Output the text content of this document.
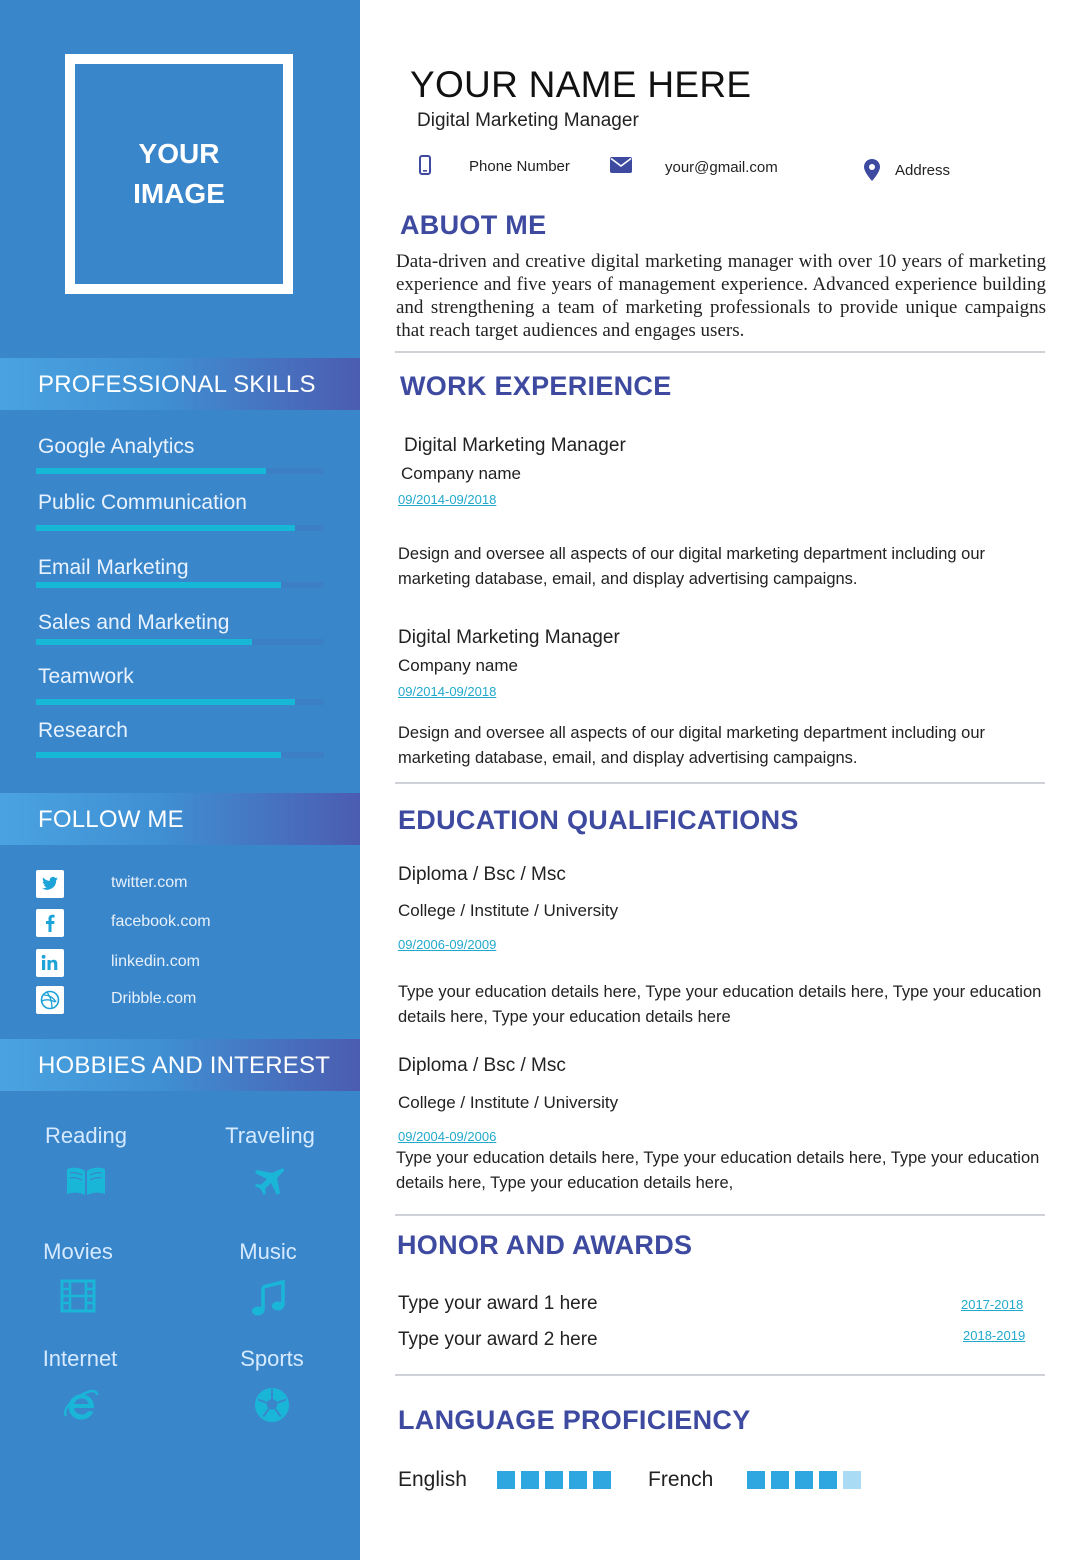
YOUR
IMAGE
PROFESSIONAL SKILLS
Google Analytics
Public Communication
Email Marketing
Sales and Marketing
Teamwork
Research
FOLLOW ME
twitter.com
facebook.com
linkedin.com
Dribble.com
HOBBIES AND INTEREST
Reading	Traveling
Movies	Music
Internet	Sports
YOUR NAME HERE
Digital Marketing Manager
Phone Number	your@gmail.com	Address
ABUOT ME
Data-driven and creative digital marketing manager with over 10 years of marketing experience and five years of management experience. Advanced experience building and strengthening a team of marketing professionals to provide unique campaigns that reach target audiences and engages users.
WORK EXPERIENCE
Digital Marketing Manager
Company name
09/2014-09/2018
Design and oversee all aspects of our digital marketing department including our marketing database, email, and display advertising campaigns.
Digital Marketing Manager
Company name
09/2014-09/2018
Design and oversee all aspects of our digital marketing department including our marketing database, email, and display advertising campaigns.
EDUCATION QUALIFICATIONS
Diploma / Bsc / Msc
College / Institute / University
09/2006-09/2009
Type your education details here, Type your education details here, Type your education details here, Type your education details here
Diploma / Bsc / Msc
College / Institute / University
09/2004-09/2006
Type your education details here, Type your education details here, Type your education details here, Type your education details here,
HONOR AND AWARDS
Type your award 1 here	2017-2018
Type your award 2 here	2018-2019
LANGUAGE PROFICIENCY
English	French
